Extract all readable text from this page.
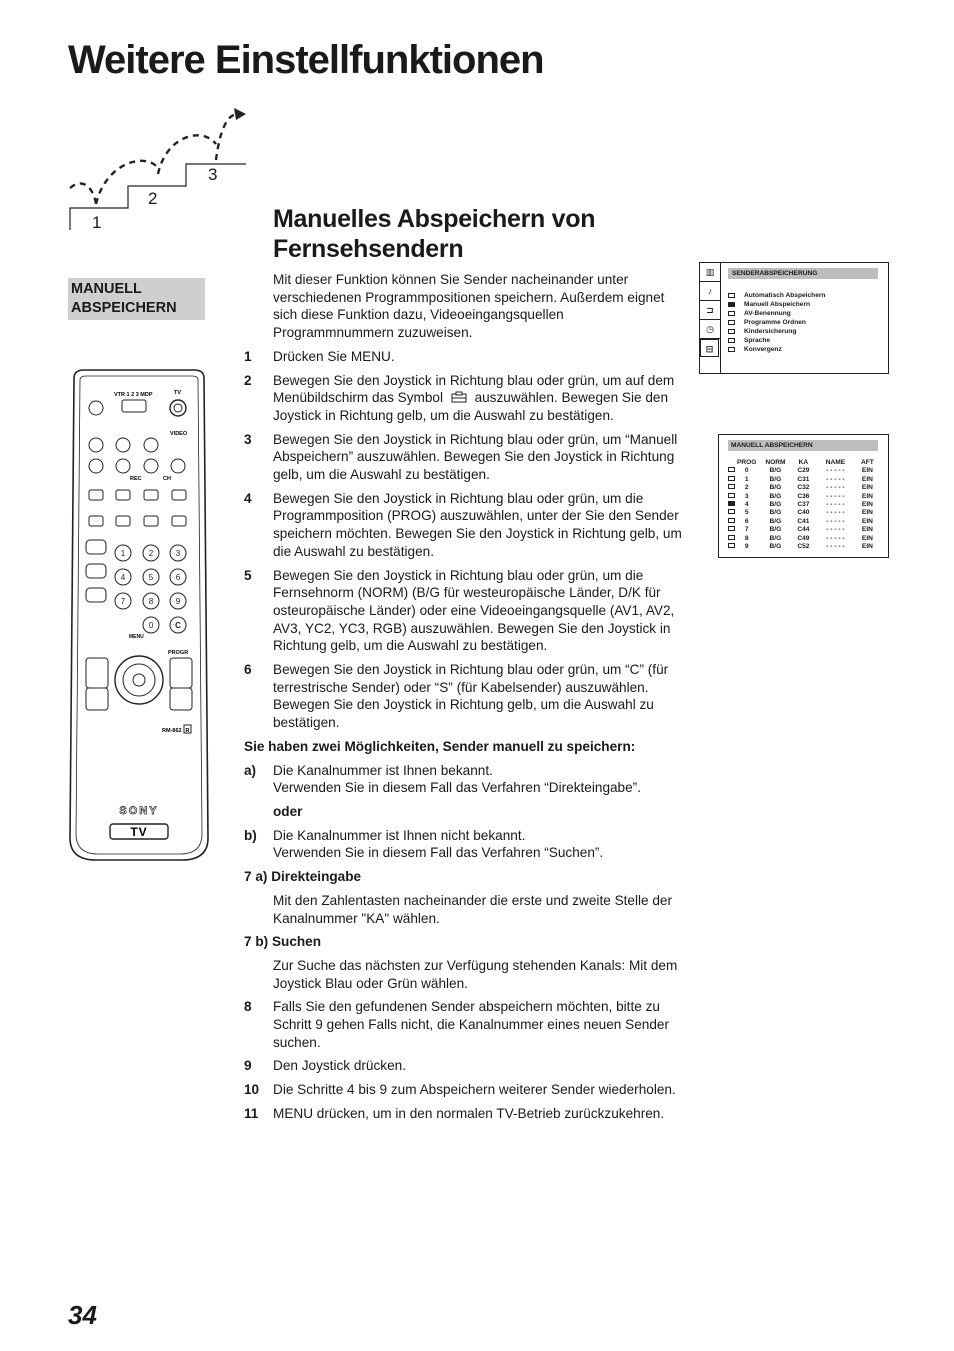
Weitere Einstellfunktionen
1
2
3
Manuelles Abspeichern von
Fernsehsendern
MANUELL
ABSPEICHERN
VTR 1 2 3 MDP	TV
VIDEO
REC	CH
1	2	3
4	5	6
7	8	9
0	C
MENU
PROGR
RM-862 R
SONY
TV

Mit dieser Funktion können Sie Sender nacheinander unter verschiedenen Programmpositionen speichern. Außerdem eignet sich diese Funktion dazu, Videoeingangsquellen Programmnummern zuzuweisen.

1	Drücken Sie MENU.
2	Bewegen Sie den Joystick in Richtung blau oder grün, um auf dem Menübildschirm das Symbol auszuwählen. Bewegen Sie den Joystick in Richtung gelb, um die Auswahl zu bestätigen.
3	Bewegen Sie den Joystick in Richtung blau oder grün, um “Manuell Abspeichern” auszuwählen. Bewegen Sie den Joystick in Richtung gelb, um die Auswahl zu bestätigen.
4	Bewegen Sie den Joystick in Richtung blau oder grün, um die Programmposition (PROG) auszuwählen, unter der Sie den Sender speichern möchten. Bewegen Sie den Joystick in Richtung gelb, um die Auswahl zu bestätigen.
5	Bewegen Sie den Joystick in Richtung blau oder grün, um die Fernsehnorm (NORM) (B/G für westeuropäische Länder, D/K für osteuropäische Länder) oder eine Videoeingangsquelle (AV1, AV2, AV3, YC2, YC3, RGB) auszuwählen. Bewegen Sie den Joystick in Richtung gelb, um die Auswahl zu bestätigen.
6	Bewegen Sie den Joystick in Richtung blau oder grün, um “C” (für terrestrische Sender) oder “S” (für Kabelsender) auszuwählen. Bewegen Sie den Joystick in Richtung gelb, um die Auswahl zu bestätigen.

Sie haben zwei Möglichkeiten, Sender manuell zu speichern:

a)	Die Kanalnummer ist Ihnen bekannt.
Verwenden Sie in diesem Fall das Verfahren “Direkteingabe”.

oder

b)	Die Kanalnummer ist Ihnen nicht bekannt.
Verwenden Sie in diesem Fall das Verfahren “Suchen”.

7 a) Direkteingabe

Mit den Zahlentasten nacheinander die erste und zweite Stelle der Kanalnummer "KA" wählen.

7 b) Suchen

Zur Suche das nächsten zur Verfügung stehenden Kanals: Mit dem Joystick Blau oder Grün wählen.

8	Falls Sie den gefundenen Sender abspeichern möchten, bitte zu Schritt 9 gehen Falls nicht, die Kanalnummer eines neuen Sender suchen.
9	Den Joystick drücken.
10	Die Schritte 4 bis 9 zum Abspeichern weiterer Sender wiederholen.
11	MENU drücken, um in den normalen TV-Betrieb zurückzukehren.
▥
♪
⊐
◷
⊟
SENDERABSPEICHERUNG
Automatisch Abspeichern
Manuell Abspeichern
AV-Benennung
Programme Ordnen
Kindersicherung
Sprache
Konvergenz
MANUELL ABSPEICHERN
	PROG	NORM	KA	NAME	AFT
	0	B/G	C29	- - - - -	EIN
	1	B/G	C31	- - - - -	EIN
	2	B/G	C32	- - - - -	EIN
	3	B/G	C36	- - - - -	EIN
	4	B/G	C37	- - - - -	EIN
	5	B/G	C40	- - - - -	EIN
	6	B/G	C41	- - - - -	EIN
	7	B/G	C44	- - - - -	EIN
	8	B/G	C49	- - - - -	EIN
	9	B/G	C52	- - - - -	EIN
34
